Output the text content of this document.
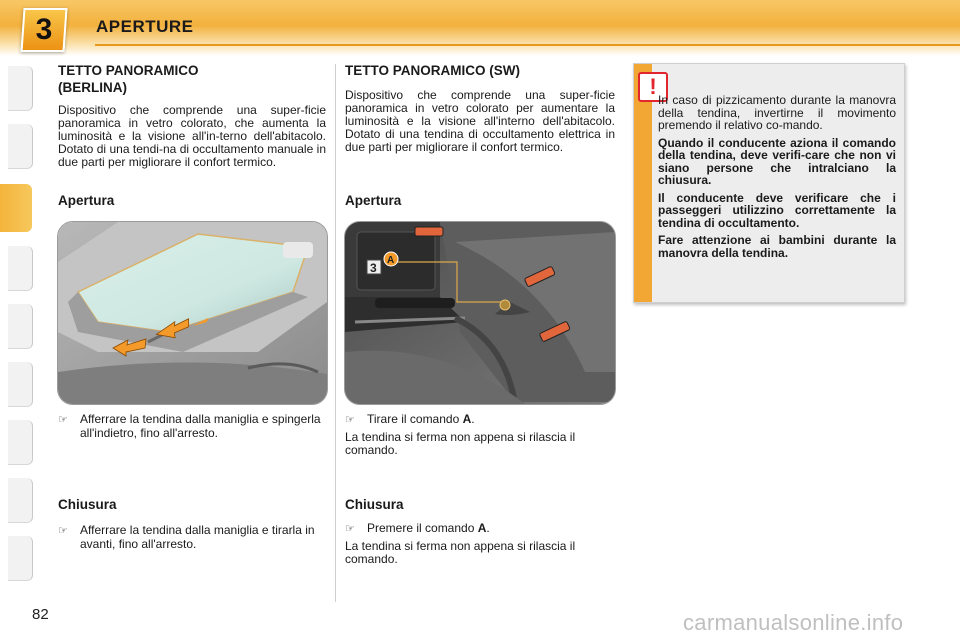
3	APERTURE
TETTO PANORAMICO
(BERLINA)

Dispositivo che comprende una super-ficie panoramica in vetro colorato, che aumenta la luminosità e la visione all'in-terno dell'abitacolo. Dotato di una tendi-na di occultamento manuale in due parti per migliorare il confort termico.

Apertura
☞ Afferrare la tendina dalla maniglia e spingerla all'indietro, fino all'arresto.
Chiusura
☞ Afferrare la tendina dalla maniglia e tirarla in avanti, fino all'arresto.
TETTO PANORAMICO (SW)

Dispositivo che comprende una super-ficie panoramica in vetro colorato per aumentare la luminosità e la visione all'interno dell'abitacolo. Dotato di una tendina di occultamento elettrica in due parti per migliorare il confort termico.

Apertura
3
A
☞ Tirare il comando A.
La tendina si ferma non appena si rilascia il comando.
Chiusura
☞ Premere il comando A.
La tendina si ferma non appena si rilascia il comando.
!

In caso di pizzicamento durante la manovra della tendina, invertirne il movimento premendo il relativo co-mando.

Quando il conducente aziona il comando della tendina, deve verifi-care che non vi siano persone che intralciano la chiusura.

Il conducente deve verificare che i passeggeri utilizzino correttamente la tendina di occultamento.

Fare attenzione ai bambini durante la manovra della tendina.

82	carmanualsonline.info
